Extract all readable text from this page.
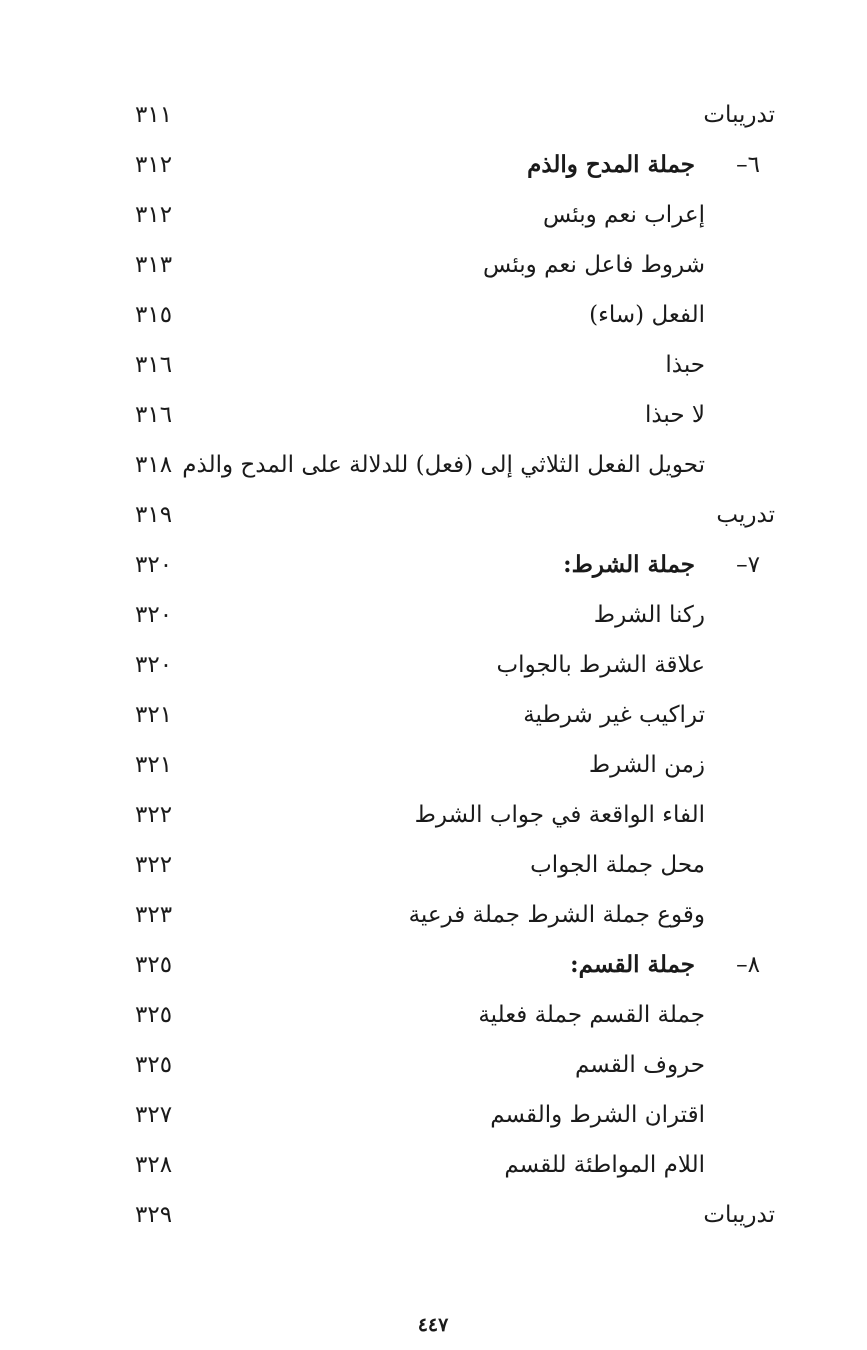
تدريبات
٣١١
٦–
جملة المدح والذم
٣١٢
إعراب نعم وبئس
٣١٢
شروط فاعل نعم وبئس
٣١٣
الفعل (ساء)
٣١٥
حبذا
٣١٦
لا حبذا
٣١٦
تحويل الفعل الثلاثي إلى (فعل) للدلالة على المدح والذم
٣١٨
تدريب
٣١٩
٧–
جملة الشرط:
٣٢٠
ركنا الشرط
٣٢٠
علاقة الشرط بالجواب
٣٢٠
تراكيب غير شرطية
٣٢١
زمن الشرط
٣٢١
الفاء الواقعة في جواب الشرط
٣٢٢
محل جملة الجواب
٣٢٢
وقوع جملة الشرط جملة فرعية
٣٢٣
٨–
جملة القسم:
٣٢٥
جملة القسم جملة فعلية
٣٢٥
حروف القسم
٣٢٥
اقتران الشرط والقسم
٣٢٧
اللام المواطئة للقسم
٣٢٨
تدريبات
٣٢٩
٤٤٧
